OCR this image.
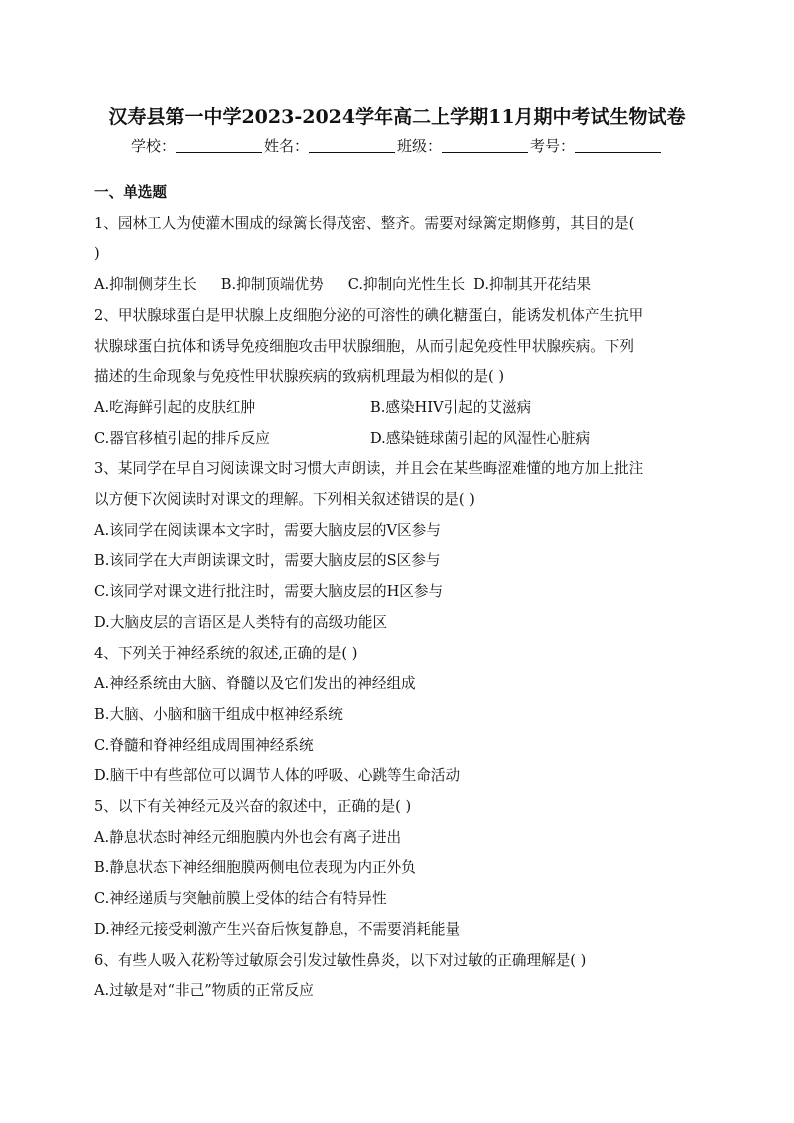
汉寿县第一中学2023-2024学年高二上学期11月期中考试生物试卷
学校：	姓名：	班级：	考号：
一、单选题
1、园林工人为使灌木围成的绿篱长得茂密、整齐。需要对绿篱定期修剪，其目的是(
)
A.抑制侧芽生长 B.抑制顶端优势 C.抑制向光性生长 D.抑制其开花结果
2、甲状腺球蛋白是甲状腺上皮细胞分泌的可溶性的碘化糖蛋白，能诱发机体产生抗甲
状腺球蛋白抗体和诱导免疫细胞攻击甲状腺细胞，从而引起免疫性甲状腺疾病。下列
描述的生命现象与免疫性甲状腺疾病的致病机理最为相似的是( )
A.吃海鲜引起的皮肤红肿	B.感染HIV引起的艾滋病
C.器官移植引起的排斥反应	D.感染链球菌引起的风湿性心脏病
3、某同学在早自习阅读课文时习惯大声朗读，并且会在某些晦涩难懂的地方加上批注
以方便下次阅读时对课文的理解。下列相关叙述错误的是( )
A.该同学在阅读课本文字时，需要大脑皮层的V区参与
B.该同学在大声朗读课文时，需要大脑皮层的S区参与
C.该同学对课文进行批注时，需要大脑皮层的H区参与
D.大脑皮层的言语区是人类特有的高级功能区
4、下列关于神经系统的叙述,正确的是( )
A.神经系统由大脑、脊髓以及它们发出的神经组成
B.大脑、小脑和脑干组成中枢神经系统
C.脊髓和脊神经组成周围神经系统
D.脑干中有些部位可以调节人体的呼吸、心跳等生命活动
5、以下有关神经元及兴奋的叙述中，正确的是( )
A.静息状态时神经元细胞膜内外也会有离子进出
B.静息状态下神经细胞膜两侧电位表现为内正外负
C.神经递质与突触前膜上受体的结合有特异性
D.神经元接受刺激产生兴奋后恢复静息，不需要消耗能量
6、有些人吸入花粉等过敏原会引发过敏性鼻炎，以下对过敏的正确理解是( )
A.过敏是对“非己”物质的正常反应
